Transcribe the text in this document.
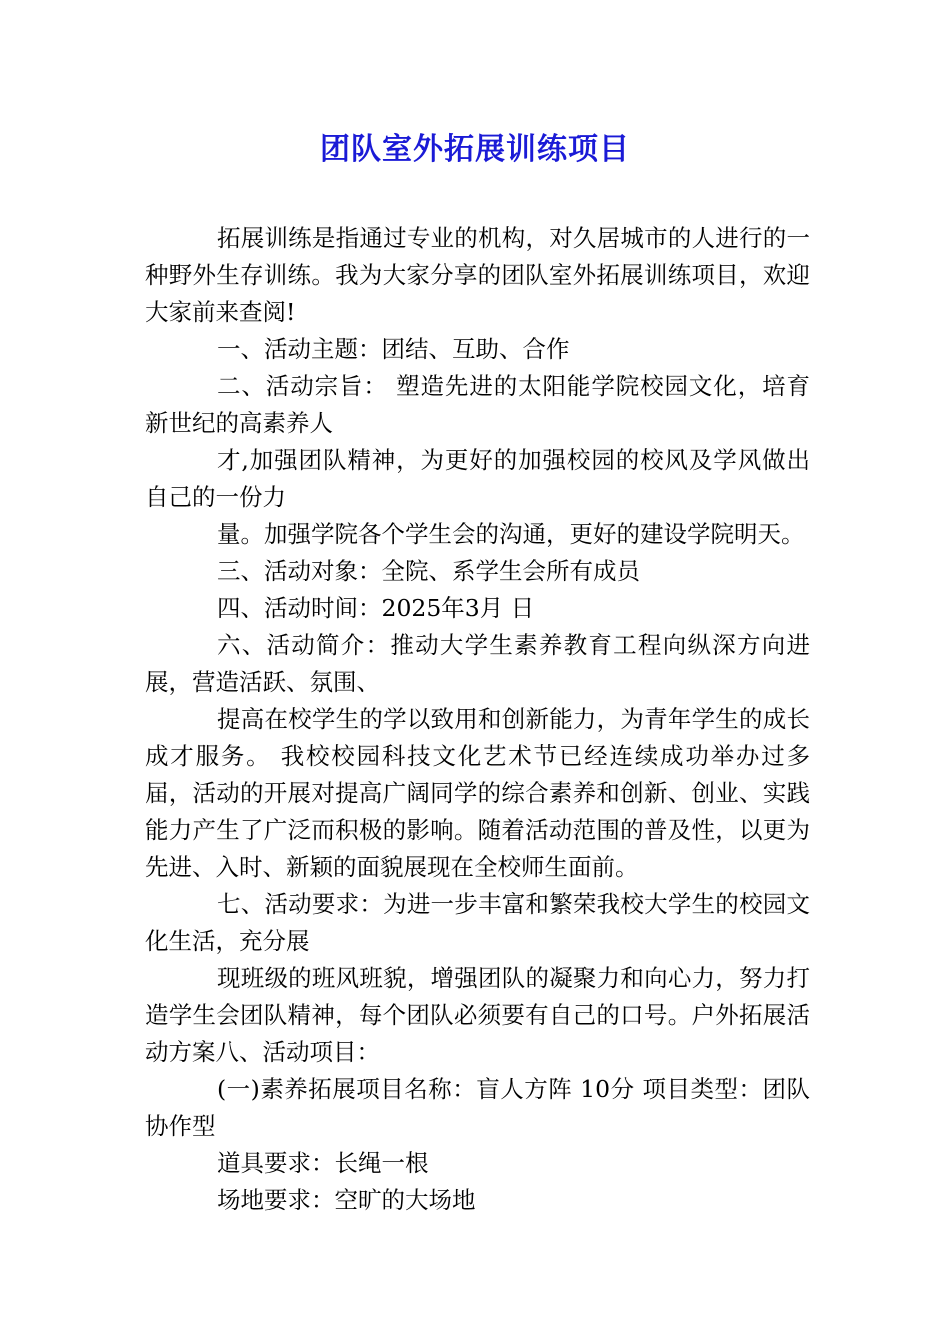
团队室外拓展训练项目

拓展训练是指通过专业的机构，对久居城市的人进行的一种野外生存训练。我为大家分享的团队室外拓展训练项目，欢迎大家前来查阅!

一、活动主题：团结、互助、合作

二、活动宗旨： 塑造先进的太阳能学院校园文化，培育新世纪的高素养人

才,加强团队精神，为更好的加强校园的校风及学风做出自己的一份力

量。加强学院各个学生会的沟通，更好的建设学院明天。

三、活动对象：全院、系学生会所有成员

四、活动时间：2025年3月 日

六、活动简介：推动大学生素养教育工程向纵深方向进展，营造活跃、氛围、

提高在校学生的学以致用和创新能力，为青年学生的成长成才服务。 我校校园科技文化艺术节已经连续成功举办过多届，活动的开展对提高广阔同学的综合素养和创新、创业、实践能力产生了广泛而积极的影响。随着活动范围的普及性，以更为先进、入时、新颖的面貌展现在全校师生面前。

七、活动要求：为进一步丰富和繁荣我校大学生的校园文化生活，充分展

现班级的班风班貌，增强团队的凝聚力和向心力，努力打造学生会团队精神，每个团队必须要有自己的口号。户外拓展活动方案八、活动项目：

(一)素养拓展项目名称：盲人方阵 10分 项目类型：团队协作型

道具要求：长绳一根

场地要求：空旷的大场地
